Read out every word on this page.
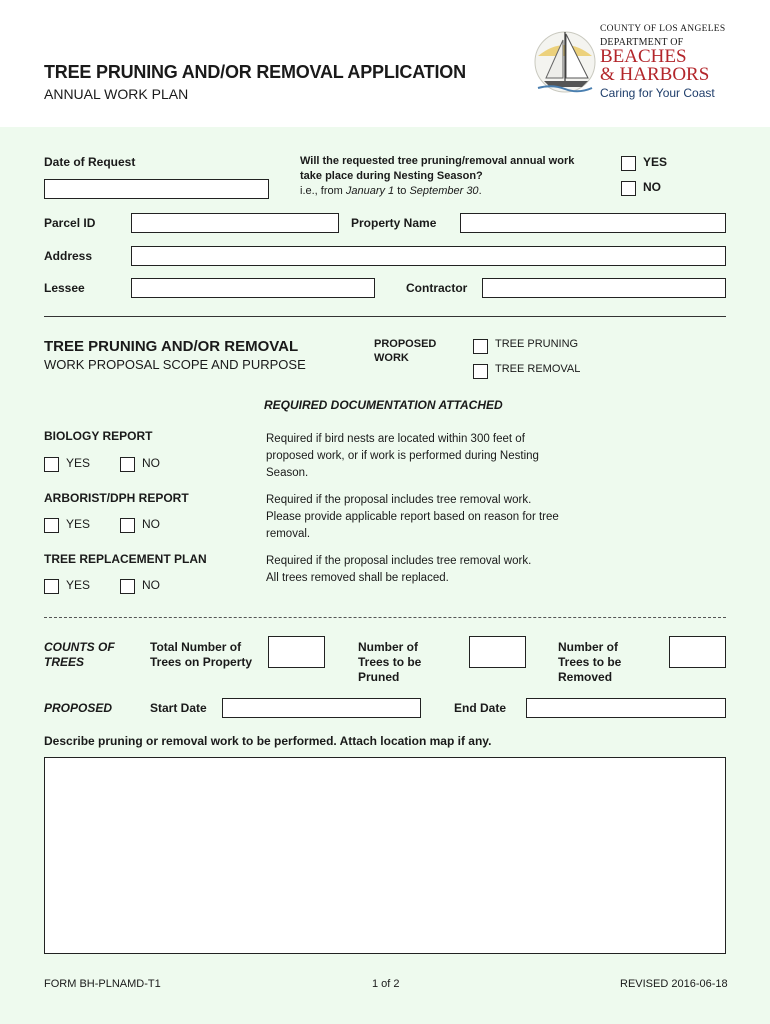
TREE PRUNING AND/OR REMOVAL APPLICATION
ANNUAL WORK PLAN
COUNTY OF LOS ANGELES
DEPARTMENT OF
BEACHES
& HARBORS
Caring for Your Coast
Date of Request	Will the requested tree pruning/removal annual work
take place during Nesting Season?
i.e., from January 1 to September 30.
YES
NO
Parcel ID	Property Name
Address
Lessee	Contractor
TREE PRUNING AND/OR REMOVAL
WORK PROPOSAL SCOPE AND PURPOSE
PROPOSED
WORK
TREE PRUNING
TREE REMOVAL
REQUIRED DOCUMENTATION ATTACHED
BIOLOGY REPORT
YES	NO
Required if bird nests are located within 300 feet of
proposed work, or if work is performed during Nesting
Season.
ARBORIST/DPH REPORT
YES	NO
Required if the proposal includes tree removal work.
Please provide applicable report based on reason for tree
removal.
TREE REPLACEMENT PLAN
YES	NO
Required if the proposal includes tree removal work.
All trees removed shall be replaced.
COUNTS OF
TREES
Total Number of
Trees on Property
Number of
Trees to be
Pruned
Number of
Trees to be
Removed
PROPOSED	Start Date	End Date
Describe pruning or removal work to be performed. Attach location map if any.
FORM BH-PLNAMD-T1	1 of 2	REVISED 2016-06-18
